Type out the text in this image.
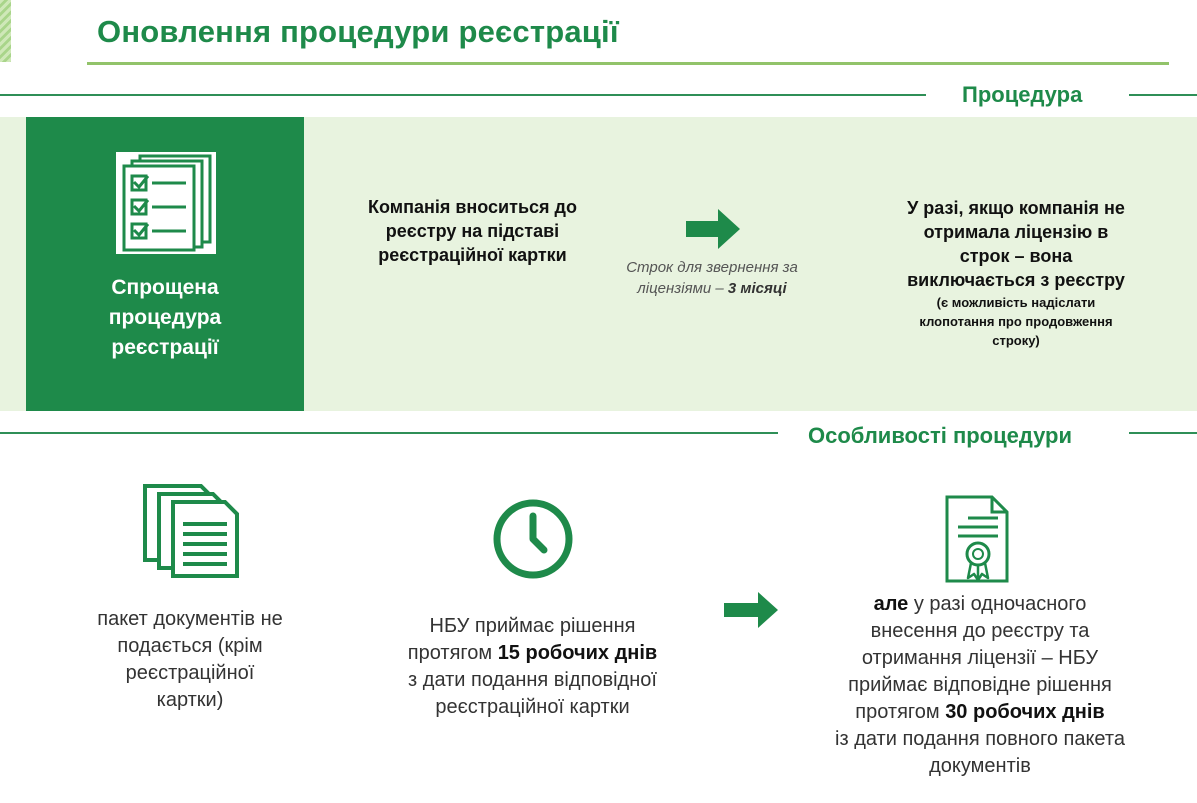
Оновлення процедури реєстрації
Процедура
Спрощена
процедура
реєстрації
Компанія вноситься до
реєстру на підставі
реєстраційної картки
Строк для звернення за
ліцензіями – 3 місяці
У разі, якщо компанія не
отримала ліцензію в
строк – вона
виключається з реєстру
(є можливість надіслати
клопотання про продовження
строку)
Особливості процедури
пакет документів не
подається (крім
реєстраційної
картки)
НБУ приймає рішення
протягом 15 робочих днів
з дати подання відповідної
реєстраційної картки
але у разі одночасного
внесення до реєстру та
отримання ліцензії – НБУ
приймає відповідне рішення
протягом 30 робочих днів
із дати подання повного пакета
документів
